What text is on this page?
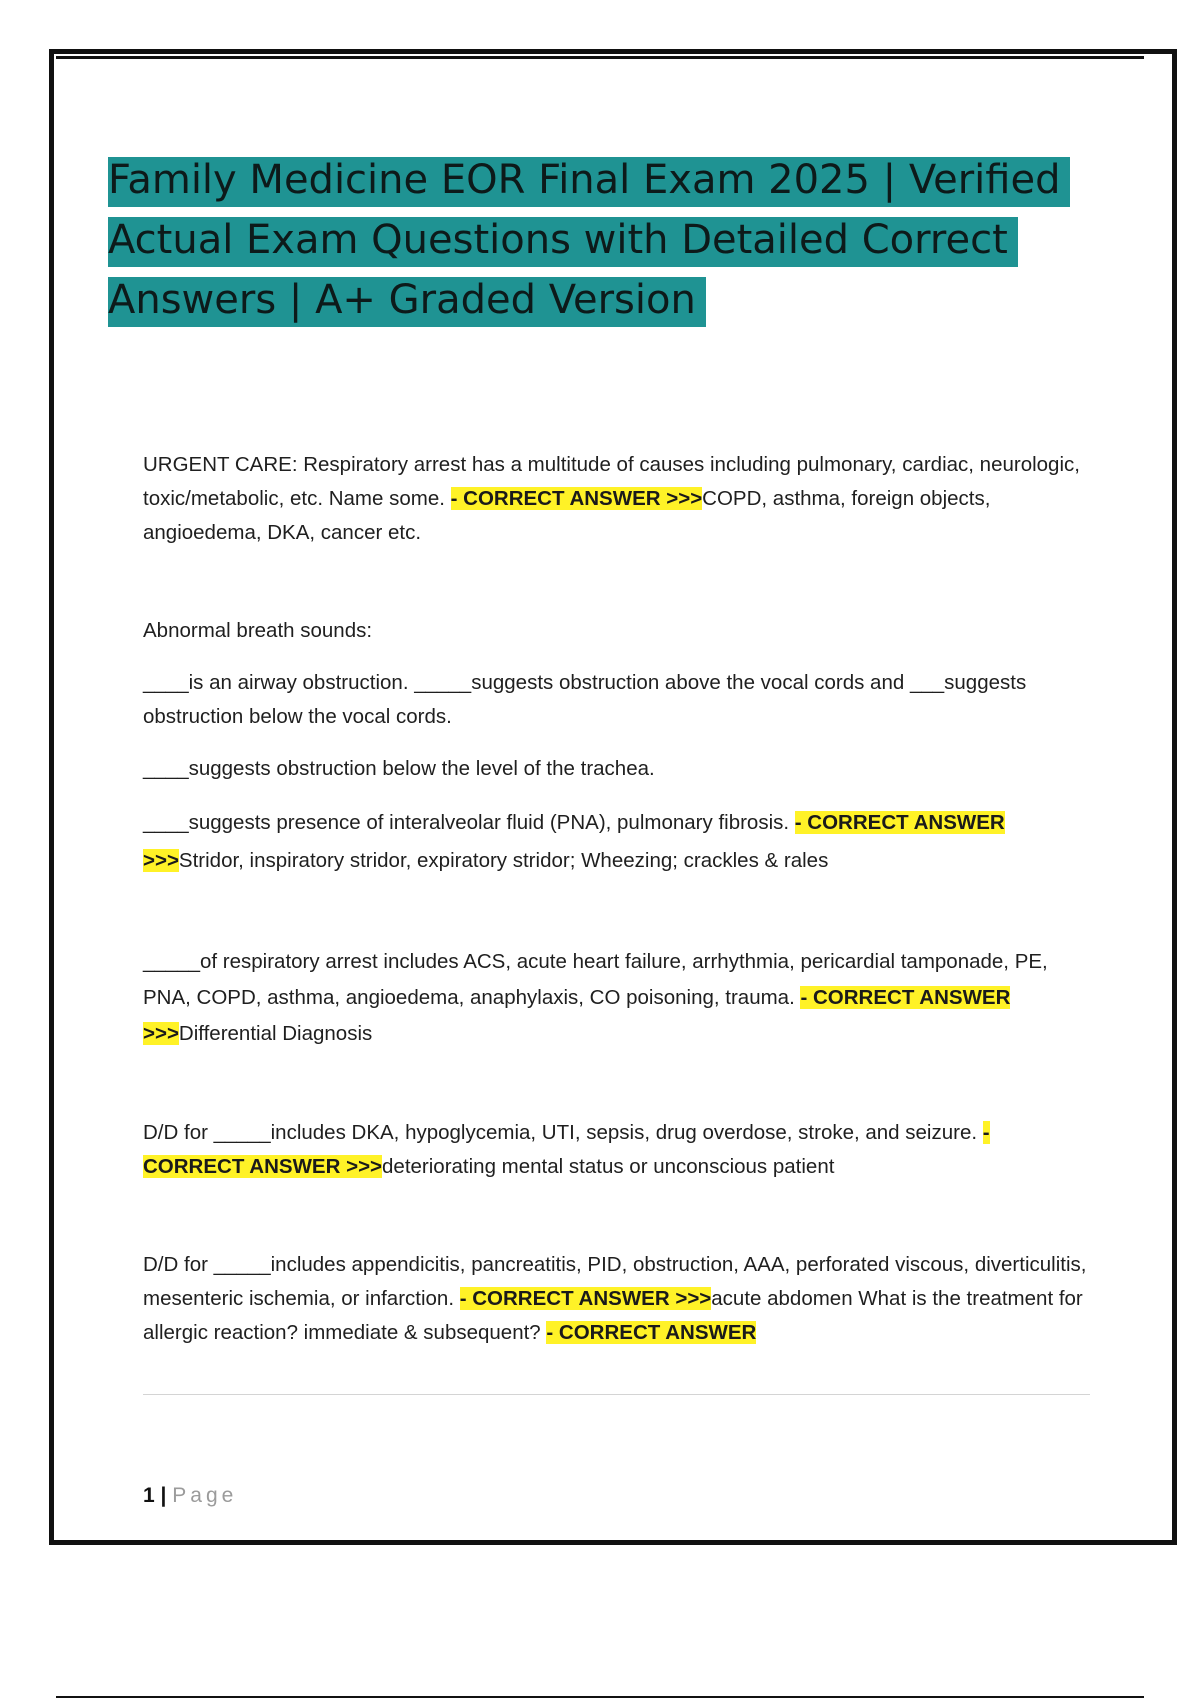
Family Medicine EOR Final Exam 2025 | Verified Actual Exam Questions with Detailed Correct Answers | A+ Graded Version

URGENT CARE: Respiratory arrest has a multitude of causes including pulmonary, cardiac, neurologic, toxic/metabolic, etc. Name some. - CORRECT ANSWER >>>COPD, asthma, foreign objects, angioedema, DKA, cancer etc.

Abnormal breath sounds:

____is an airway obstruction. _____suggests obstruction above the vocal cords and ___suggests obstruction below the vocal cords.

____suggests obstruction below the level of the trachea.

____suggests presence of interalveolar fluid (PNA), pulmonary fibrosis. - CORRECT ANSWER >>>Stridor, inspiratory stridor, expiratory stridor; Wheezing; crackles & rales

_____of respiratory arrest includes ACS, acute heart failure, arrhythmia, pericardial tamponade, PE, PNA, COPD, asthma, angioedema, anaphylaxis, CO poisoning, trauma. - CORRECT ANSWER >>>Differential Diagnosis

D/D for _____includes DKA, hypoglycemia, UTI, sepsis, drug overdose, stroke, and seizure. - CORRECT ANSWER >>>deteriorating mental status or unconscious patient

D/D for _____includes appendicitis, pancreatitis, PID, obstruction, AAA, perforated viscous, diverticulitis, mesenteric ischemia, or infarction. - CORRECT ANSWER >>>acute abdomen What is the treatment for allergic reaction? immediate & subsequent? - CORRECT ANSWER

1 | Page
